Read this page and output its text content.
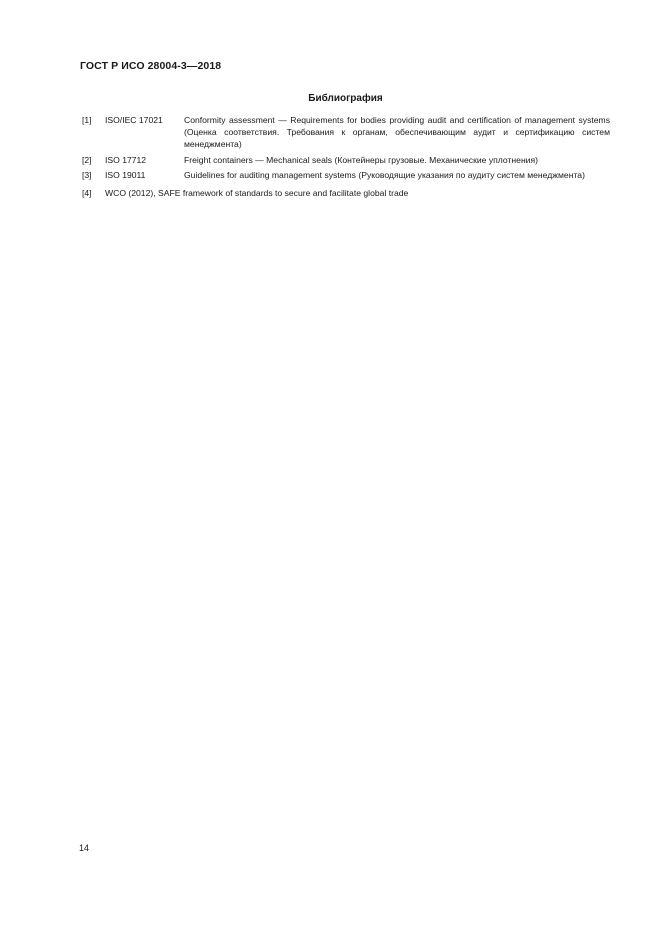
ГОСТ Р ИСО 28004-3—2018
Библиография
[1]	ISO/IEC 17021	Conformity assessment — Requirements for bodies providing audit and certification of management systems (Оценка соответствия. Требования к органам, обеспечивающим аудит и сертификацию систем менеджмента)
[2]	ISO 17712	Freight containers — Mechanical seals (Контейнеры грузовые. Механические уплотнения)
[3]	ISO 19011	Guidelines for auditing management systems (Руководящие указания по аудиту систем менеджмента)
[4]	WCO (2012), SAFE framework of standards to secure and facilitate global trade
14
